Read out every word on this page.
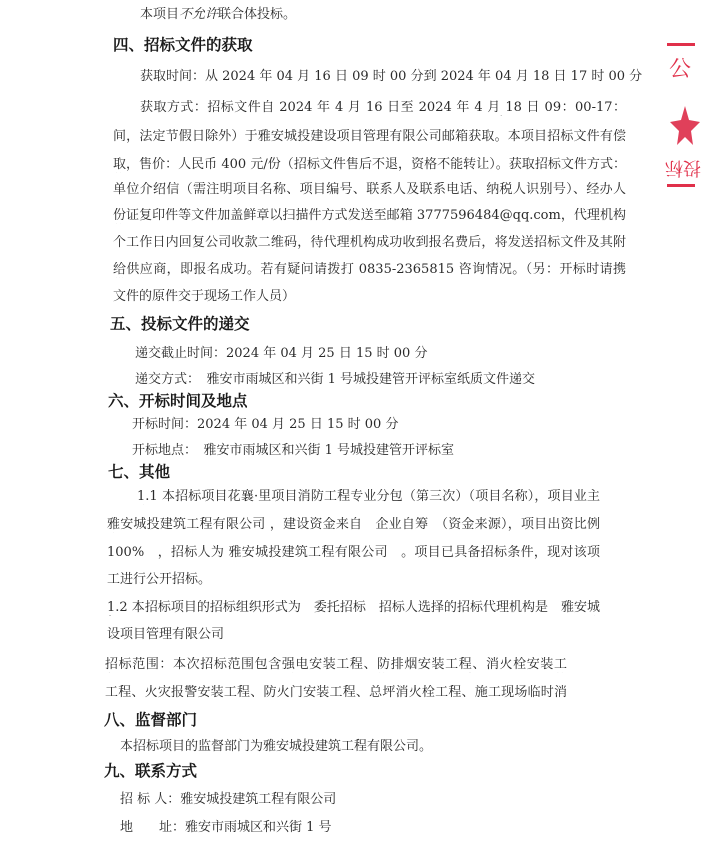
本项目不允许联合体投标。
四、招标文件的获取
获取时间：从 2024 年 04 月 16 日 09 时 00 分到 2024 年 04 月 18 日 17 时 00 分
获取方式：招标文件自 2024 年 4 月 16 日至 2024 年 4 月 18 日 09：00-17：
间，法定节假日除外）于雅安城投建设项目管理有限公司邮箱获取。本项目招标文件有偿
取，售价：人民币 400 元/份（招标文件售后不退，资格不能转让）。获取招标文件方式：
单位介绍信（需注明项目名称、项目编号、联系人及联系电话、纳税人识别号）、经办人
份证复印件等文件加盖鲜章以扫描件方式发送至邮箱 3777596484@qq.com，代理机构
个工作日内回复公司收款二维码，待代理机构成功收到报名费后，将发送招标文件及其附
给供应商，即报名成功。若有疑问请拨打 0835-2365815 咨询情况。（另：开标时请携
文件的原件交于现场工作人员）
五、投标文件的递交
递交截止时间：2024 年 04 月 25 日 15 时 00 分
递交方式：　雅安市雨城区和兴街 1 号城投建管开评标室纸质文件递交
六、开标时间及地点
开标时间：2024 年 04 月 25 日 15 时 00 分
开标地点：　雅安市雨城区和兴街 1 号城投建管开评标室
七、其他
1.1 本招标项目花襄·里项目消防工程专业分包（第三次）（项目名称），项目业主
雅安城投建筑工程有限公司 ，建设资金来自　企业自筹　（资金来源），项目出资比例
100%　，招标人为 雅安城投建筑工程有限公司　。项目已具备招标条件，现对该项
工进行公开招标。
1.2 本招标项目的招标组织形式为　委托招标　招标人选择的招标代理机构是　雅安城
设项目管理有限公司
招标范围：本次招标范围包含强电安装工程、防排烟安装工程、消火栓安装工
工程、火灾报警安装工程、防火门安装工程、总坪消火栓工程、施工现场临时消
八、监督部门
本招标项目的监督部门为雅安城投建筑工程有限公司。
九、联系方式
招 标 人：雅安城投建筑工程有限公司
地　　址：雅安市雨城区和兴街 1 号
公
投标
